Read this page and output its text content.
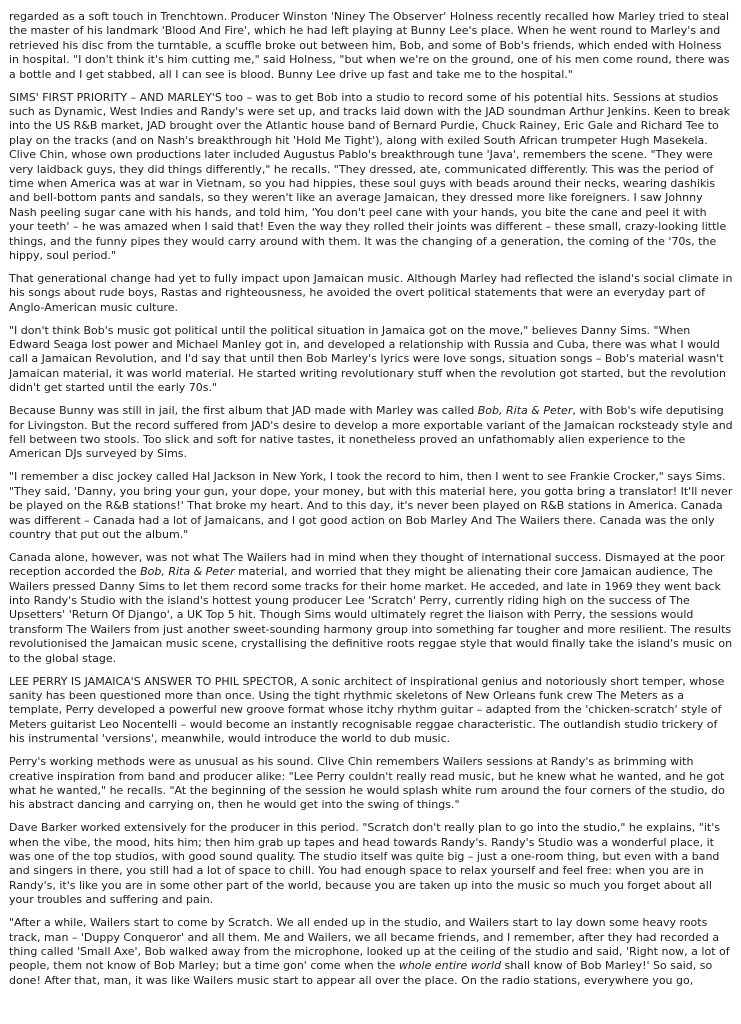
regarded as a soft touch in Trenchtown. Producer Winston 'Niney The Observer' Holness recently recalled how Marley tried to steal the master of his landmark 'Blood And Fire', which he had left playing at Bunny Lee's place. When he went round to Marley's and retrieved his disc from the turntable, a scuffle broke out between him, Bob, and some of Bob's friends, which ended with Holness in hospital. "I don't think it's him cutting me," said Holness, "but when we're on the ground, one of his men come round, there was a bottle and I get stabbed, all I can see is blood. Bunny Lee drive up fast and take me to the hospital."

SIMS' FIRST PRIORITY – AND MARLEY'S too – was to get Bob into a studio to record some of his potential hits. Sessions at studios such as Dynamic, West Indies and Randy's were set up, and tracks laid down with the JAD soundman Arthur Jenkins. Keen to break into the US R&B market, JAD brought over the Atlantic house band of Bernard Purdie, Chuck Rainey, Eric Gale and Richard Tee to play on the tracks (and on Nash's breakthrough hit 'Hold Me Tight'), along with exiled South African trumpeter Hugh Masekela. Clive Chin, whose own productions later included Augustus Pablo's breakthrough tune 'Java', remembers the scene. "They were very laidback guys, they did things differently," he recalls. "They dressed, ate, communicated differently. This was the period of time when America was at war in Vietnam, so you had hippies, these soul guys with beads around their necks, wearing dashikis and bell-bottom pants and sandals, so they weren't like an average Jamaican, they dressed more like foreigners. I saw Johnny Nash peeling sugar cane with his hands, and told him, 'You don't peel cane with your hands, you bite the cane and peel it with your teeth' – he was amazed when I said that! Even the way they rolled their joints was different – these small, crazy-looking little things, and the funny pipes they would carry around with them. It was the changing of a generation, the coming of the '70s, the hippy, soul period."

That generational change had yet to fully impact upon Jamaican music. Although Marley had reflected the island's social climate in his songs about rude boys, Rastas and righteousness, he avoided the overt political statements that were an everyday part of Anglo-American music culture.

"I don't think Bob's music got political until the political situation in Jamaica got on the move," believes Danny Sims. "When Edward Seaga lost power and Michael Manley got in, and developed a relationship with Russia and Cuba, there was what I would call a Jamaican Revolution, and I'd say that until then Bob Marley's lyrics were love songs, situation songs – Bob's material wasn't Jamaican material, it was world material. He started writing revolutionary stuff when the revolution got started, but the revolution didn't get started until the early 70s."

Because Bunny was still in jail, the first album that JAD made with Marley was called Bob, Rita & Peter, with Bob's wife deputising for Livingston. But the record suffered from JAD's desire to develop a more exportable variant of the Jamaican rocksteady style and fell between two stools. Too slick and soft for native tastes, it nonetheless proved an unfathomably alien experience to the American DJs surveyed by Sims.

"I remember a disc jockey called Hal Jackson in New York, I took the record to him, then I went to see Frankie Crocker," says Sims. "They said, 'Danny, you bring your gun, your dope, your money, but with this material here, you gotta bring a translator! It'll never be played on the R&B stations!' That broke my heart. And to this day, it's never been played on R&B stations in America. Canada was different – Canada had a lot of Jamaicans, and I got good action on Bob Marley And The Wailers there. Canada was the only country that put out the album."

Canada alone, however, was not what The Wailers had in mind when they thought of international success. Dismayed at the poor reception accorded the Bob, Rita & Peter material, and worried that they might be alienating their core Jamaican audience, The Wailers pressed Danny Sims to let them record some tracks for their home market. He acceded, and late in 1969 they went back into Randy's Studio with the island's hottest young producer Lee 'Scratch' Perry, currently riding high on the success of The Upsetters' 'Return Of Django', a UK Top 5 hit. Though Sims would ultimately regret the liaison with Perry, the sessions would transform The Wailers from just another sweet-sounding harmony group into something far tougher and more resilient. The results revolutionised the Jamaican music scene, crystallising the definitive roots reggae style that would finally take the island's music on to the global stage.

LEE PERRY IS JAMAICA'S ANSWER TO PHIL SPECTOR, A sonic architect of inspirational genius and notoriously short temper, whose sanity has been questioned more than once. Using the tight rhythmic skeletons of New Orleans funk crew The Meters as a template, Perry developed a powerful new groove format whose itchy rhythm guitar – adapted from the 'chicken-scratch' style of Meters guitarist Leo Nocentelli – would become an instantly recognisable reggae characteristic. The outlandish studio trickery of his instrumental 'versions', meanwhile, would introduce the world to dub music.

Perry's working methods were as unusual as his sound. Clive Chin remembers Wailers sessions at Randy's as brimming with creative inspiration from band and producer alike: "Lee Perry couldn't really read music, but he knew what he wanted, and he got what he wanted," he recalls. "At the beginning of the session he would splash white rum around the four corners of the studio, do his abstract dancing and carrying on, then he would get into the swing of things."

Dave Barker worked extensively for the producer in this period. "Scratch don't really plan to go into the studio," he explains, "it's when the vibe, the mood, hits him; then him grab up tapes and head towards Randy's. Randy's Studio was a wonderful place, it was one of the top studios, with good sound quality. The studio itself was quite big – just a one-room thing, but even with a band and singers in there, you still had a lot of space to chill. You had enough space to relax yourself and feel free: when you are in Randy's, it's like you are in some other part of the world, because you are taken up into the music so much you forget about all your troubles and suffering and pain.

"After a while, Wailers start to come by Scratch. We all ended up in the studio, and Wailers start to lay down some heavy roots track, man – 'Duppy Conqueror' and all them. Me and Wailers, we all became friends, and I remember, after they had recorded a thing called 'Small Axe', Bob walked away from the microphone, looked up at the ceiling of the studio and said, 'Right now, a lot of people, them not know of Bob Marley; but a time gon' come when the whole entire world shall know of Bob Marley!' So said, so done! After that, man, it was like Wailers music start to appear all over the place. On the radio stations, everywhere you go,
